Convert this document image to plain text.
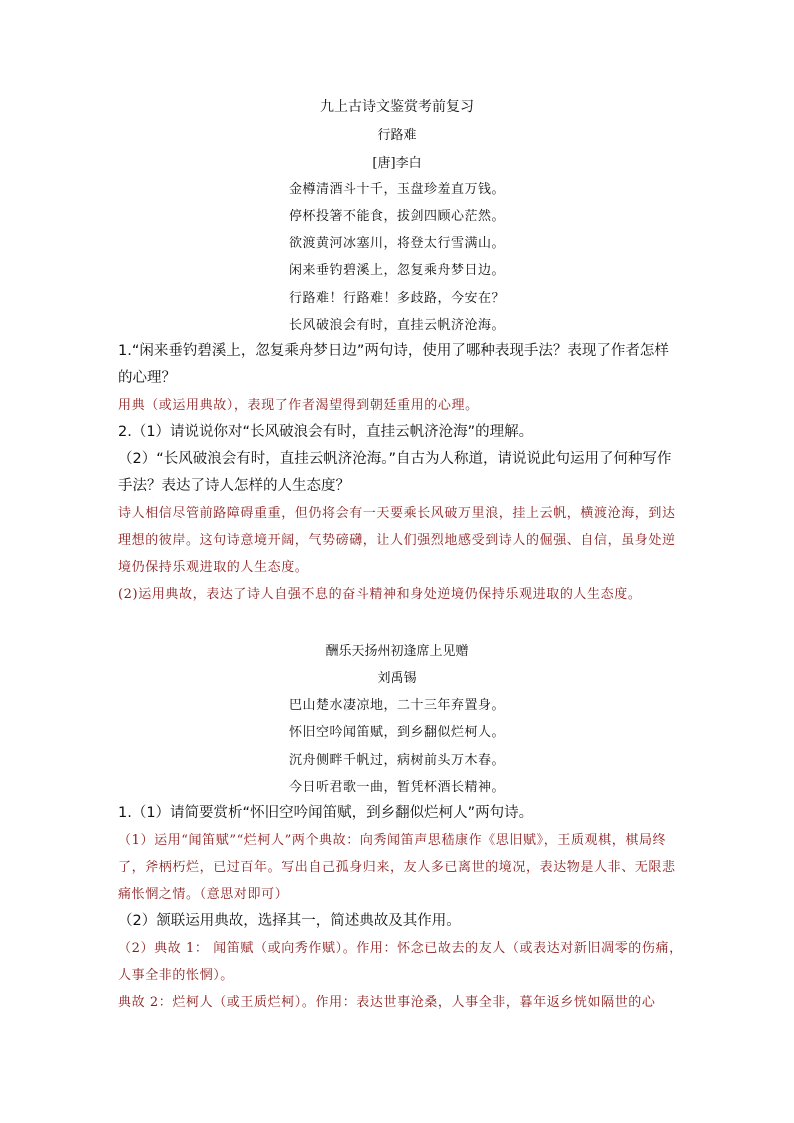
九上古诗文鉴赏考前复习
行路难
[唐]李白
金樽清酒斗十千，玉盘珍羞直万钱。
停杯投箸不能食，拔剑四顾心茫然。
欲渡黄河冰塞川，将登太行雪满山。
闲来垂钓碧溪上，忽复乘舟梦日边。
行路难！行路难！多歧路，今安在？
长风破浪会有时，直挂云帆济沧海。
1.“闲来垂钓碧溪上，忽复乘舟梦日边”两句诗，使用了哪种表现手法？表现了作者怎样的心理？
用典（或运用典故），表现了作者渴望得到朝廷重用的心理。
2.（1）请说说你对“长风破浪会有时，直挂云帆济沧海”的理解。
（2）“长风破浪会有时，直挂云帆济沧海。”自古为人称道，请说说此句运用了何种写作手法？表达了诗人怎样的人生态度？
诗人相信尽管前路障碍重重，但仍将会有一天要乘长风破万里浪，挂上云帆，横渡沧海，到达理想的彼岸。这句诗意境开阔，气势磅礴，让人们强烈地感受到诗人的倔强、自信，虽身处逆境仍保持乐观进取的人生态度。
(2)运用典故，表达了诗人自强不息的奋斗精神和身处逆境仍保持乐观进取的人生态度。
酬乐天扬州初逢席上见赠
刘禹锡
巴山楚水凄凉地，二十三年弃置身。
怀旧空吟闻笛赋，到乡翻似烂柯人。
沉舟侧畔千帆过，病树前头万木春。
今日听君歌一曲，暂凭杯酒长精神。
1.（1）请简要赏析“怀旧空吟闻笛赋，到乡翻似烂柯人”两句诗。
（1）运用“闻笛赋”“烂柯人”两个典故：向秀闻笛声思嵇康作《思旧赋》，王质观棋，棋局终了，斧柄朽烂，已过百年。写出自己孤身归来，友人多已离世的境况，表达物是人非、无限悲痛怅惘之情。（意思对即可）
（2）颔联运用典故，选择其一，简述典故及其作用。
（2）典故 1： 闻笛赋（或向秀作赋）。作用：怀念已故去的友人（或表达对新旧凋零的伤痛，人事全非的怅惘）。
典故 2：烂柯人（或王质烂柯）。作用：表达世事沧桑，人事全非，暮年返乡恍如隔世的心
